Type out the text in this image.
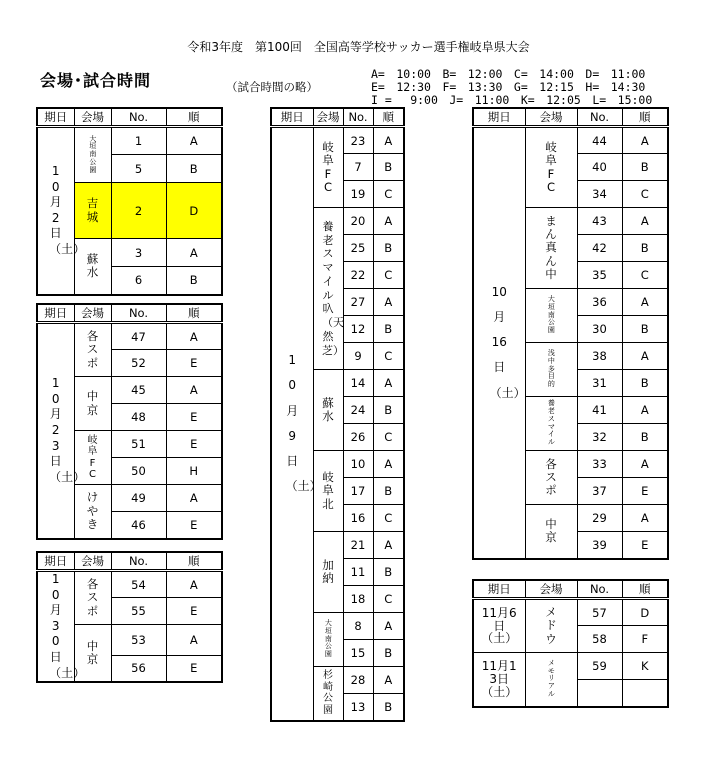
令和3年度　第100回　全国高等学校サッカー選手権岐阜県大会
会場･試合時間	（試合時間の略）
A=　10:00　B=　12:00　C=　14:00　D=　11:00
E=　12:30　F=　13:30　G=　12:15　H=　14:30
I =　 9:00　J=　11:00　K=　12:05　L=　15:00
期日	会場	No.	順

10月2日（土）	大垣南公園	1	A
		5	B

	吉城	2	D

	蘇水	3	A
		6	B
期日	会場	No.	順

10月23日（土）	各スポ	47	A
		52	E

	中京	45	A
		48	E

	岐阜FC	51	E
		50	H

	けやき	49	A
		46	E
期日	会場	No.	順

10月30日（土）	各スポ	54	A
		55	E

	中京	53	A
		56	E
期日	会場	No.	順

10月9日（土）	岐阜FC	23	A
		7	B
		19	C

	養老スマイル叺（天然芝）	20	A
		25	B
		22	C
		27	A
		12	B
		9	C

	蘇水	14	A
		24	B
		26	C

	岐阜北	10	A
		17	B
		16	C

	加納	21	A
		11	B
		18	C

	大垣南公園	8	A
		15	B

	杉崎公園	28	A
		13	B
期日	会場	No.	順

10月16日（土）	岐阜FC	44	A
		40	B
		34	C

	まん真ん中	43	A
		42	B
		35	C

	大垣南公園	36	A
		30	B

	浅中多目的	38	A
		31	B

	養老スマイル	41	A
		32	B

	各スポ	33	A
		37	E

	中京	29	A
		39	E
期日	会場	No.	順

11月6日（土）	メドウ	57	D
		58	F

11月13日（土）	メモリアル	59	K
